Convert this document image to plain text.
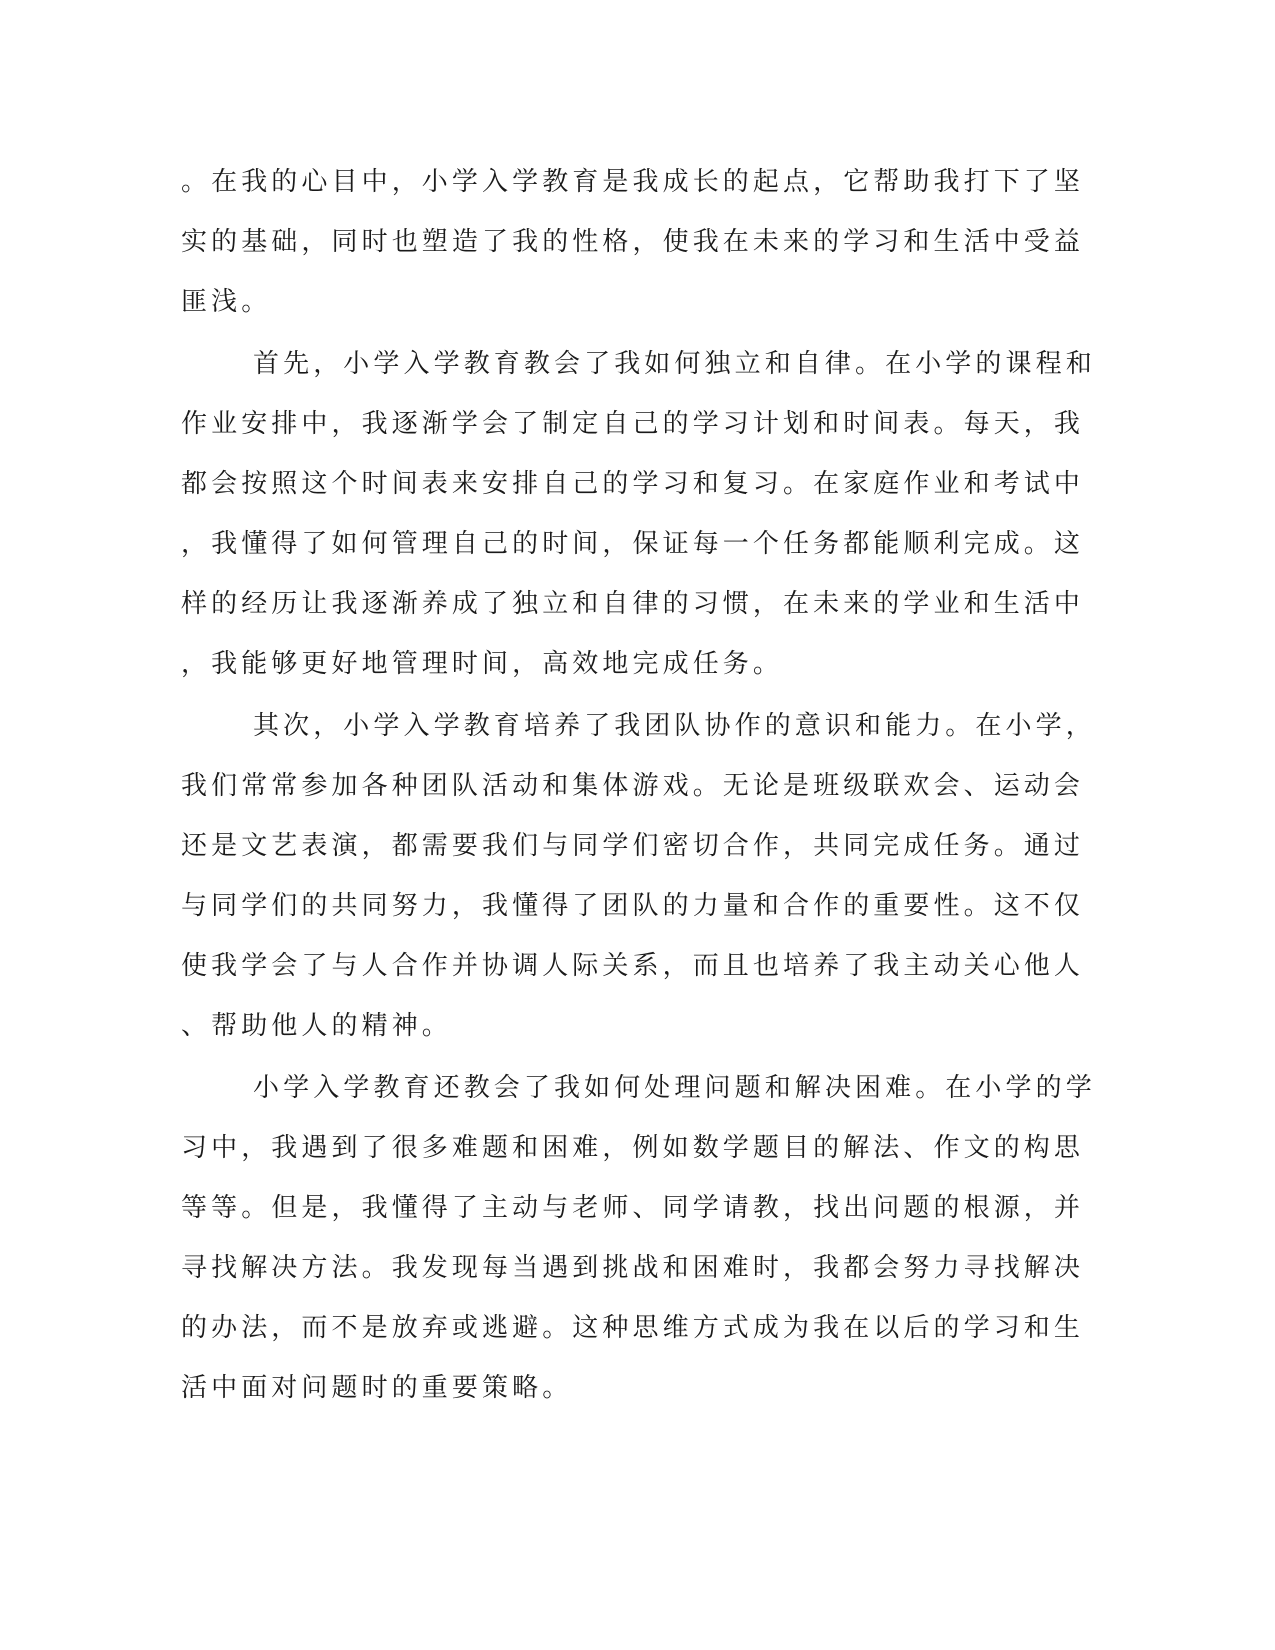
。在我的心目中，小学入学教育是我成长的起点，它帮助我打下了坚
实的基础，同时也塑造了我的性格，使我在未来的学习和生活中受益
匪浅。
首先，小学入学教育教会了我如何独立和自律。在小学的课程和
作业安排中，我逐渐学会了制定自己的学习计划和时间表。每天，我
都会按照这个时间表来安排自己的学习和复习。在家庭作业和考试中
，我懂得了如何管理自己的时间，保证每一个任务都能顺利完成。这
样的经历让我逐渐养成了独立和自律的习惯，在未来的学业和生活中
，我能够更好地管理时间，高效地完成任务。
其次，小学入学教育培养了我团队协作的意识和能力。在小学，
我们常常参加各种团队活动和集体游戏。无论是班级联欢会、运动会
还是文艺表演，都需要我们与同学们密切合作，共同完成任务。通过
与同学们的共同努力，我懂得了团队的力量和合作的重要性。这不仅
使我学会了与人合作并协调人际关系，而且也培养了我主动关心他人
、帮助他人的精神。
小学入学教育还教会了我如何处理问题和解决困难。在小学的学
习中，我遇到了很多难题和困难，例如数学题目的解法、作文的构思
等等。但是，我懂得了主动与老师、同学请教，找出问题的根源，并
寻找解决方法。我发现每当遇到挑战和困难时，我都会努力寻找解决
的办法，而不是放弃或逃避。这种思维方式成为我在以后的学习和生
活中面对问题时的重要策略。
